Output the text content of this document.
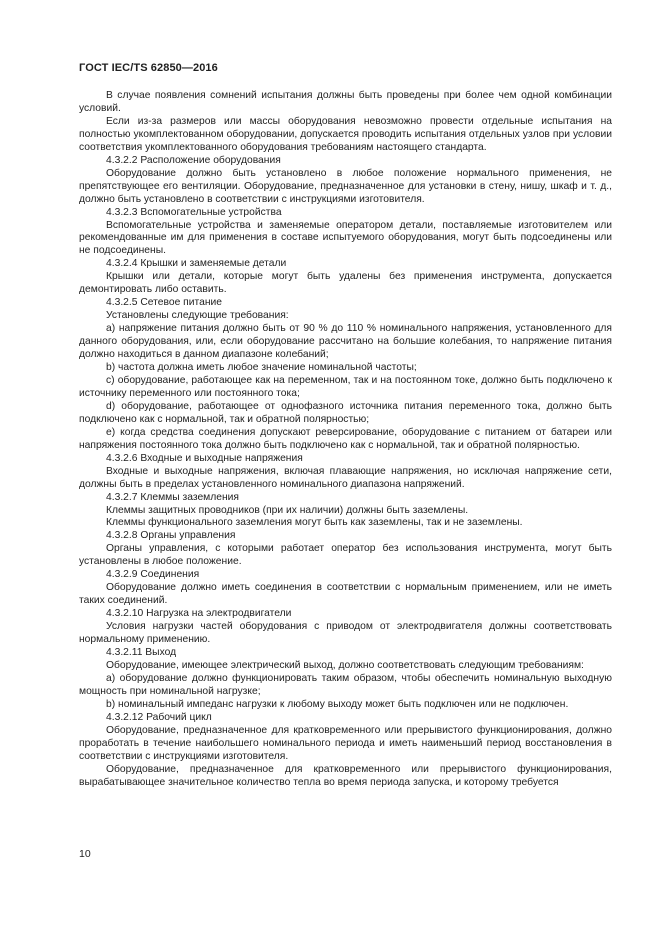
ГОСТ IEC/TS 62850—2016

В случае появления сомнений испытания должны быть проведены при более чем одной комбинации условий.

Если из-за размеров или массы оборудования невозможно провести отдельные испытания на полностью укомплектованном оборудовании, допускается проводить испытания отдельных узлов при условии соответствия укомплектованного оборудования требованиям настоящего стандарта.

4.3.2.2 Расположение оборудования

Оборудование должно быть установлено в любое положение нормального применения, не препятствующее его вентиляции. Оборудование, предназначенное для установки в стену, нишу, шкаф и т. д., должно быть установлено в соответствии с инструкциями изготовителя.

4.3.2.3 Вспомогательные устройства

Вспомогательные устройства и заменяемые оператором детали, поставляемые изготовителем или рекомендованные им для применения в составе испытуемого оборудования, могут быть подсоединены или не подсоединены.

4.3.2.4 Крышки и заменяемые детали

Крышки или детали, которые могут быть удалены без применения инструмента, допускается демонтировать либо оставить.

4.3.2.5 Сетевое питание

Установлены следующие требования:

a) напряжение питания должно быть от 90 % до 110 % номинального напряжения, установленного для данного оборудования, или, если оборудование рассчитано на большие колебания, то напряжение питания должно находиться в данном диапазоне колебаний;

b) частота должна иметь любое значение номинальной частоты;

c) оборудование, работающее как на переменном, так и на постоянном токе, должно быть подключено к источнику переменного или постоянного тока;

d) оборудование, работающее от однофазного источника питания переменного тока, должно быть подключено как с нормальной, так и обратной полярностью;

e) когда средства соединения допускают реверсирование, оборудование с питанием от батареи или напряжения постоянного тока должно быть подключено как с нормальной, так и обратной полярностью.

4.3.2.6 Входные и выходные напряжения

Входные и выходные напряжения, включая плавающие напряжения, но исключая напряжение сети, должны быть в пределах установленного номинального диапазона напряжений.

4.3.2.7 Клеммы заземления

Клеммы защитных проводников (при их наличии) должны быть заземлены.

Клеммы функционального заземления могут быть как заземлены, так и не заземлены.

4.3.2.8 Органы управления

Органы управления, с которыми работает оператор без использования инструмента, могут быть установлены в любое положение.

4.3.2.9 Соединения

Оборудование должно иметь соединения в соответствии с нормальным применением, или не иметь таких соединений.

4.3.2.10 Нагрузка на электродвигатели

Условия нагрузки частей оборудования с приводом от электродвигателя должны соответствовать нормальному применению.

4.3.2.11 Выход

Оборудование, имеющее электрический выход, должно соответствовать следующим требованиям:

a) оборудование должно функционировать таким образом, чтобы обеспечить номинальную выходную мощность при номинальной нагрузке;

b) номинальный импеданс нагрузки к любому выходу может быть подключен или не подключен.

4.3.2.12 Рабочий цикл

Оборудование, предназначенное для кратковременного или прерывистого функционирования, должно проработать в течение наибольшего номинального периода и иметь наименьший период восстановления в соответствии с инструкциями изготовителя.

Оборудование, предназначенное для кратковременного или прерывистого функционирования, вырабатывающее значительное количество тепла во время периода запуска, и которому требуется

10
